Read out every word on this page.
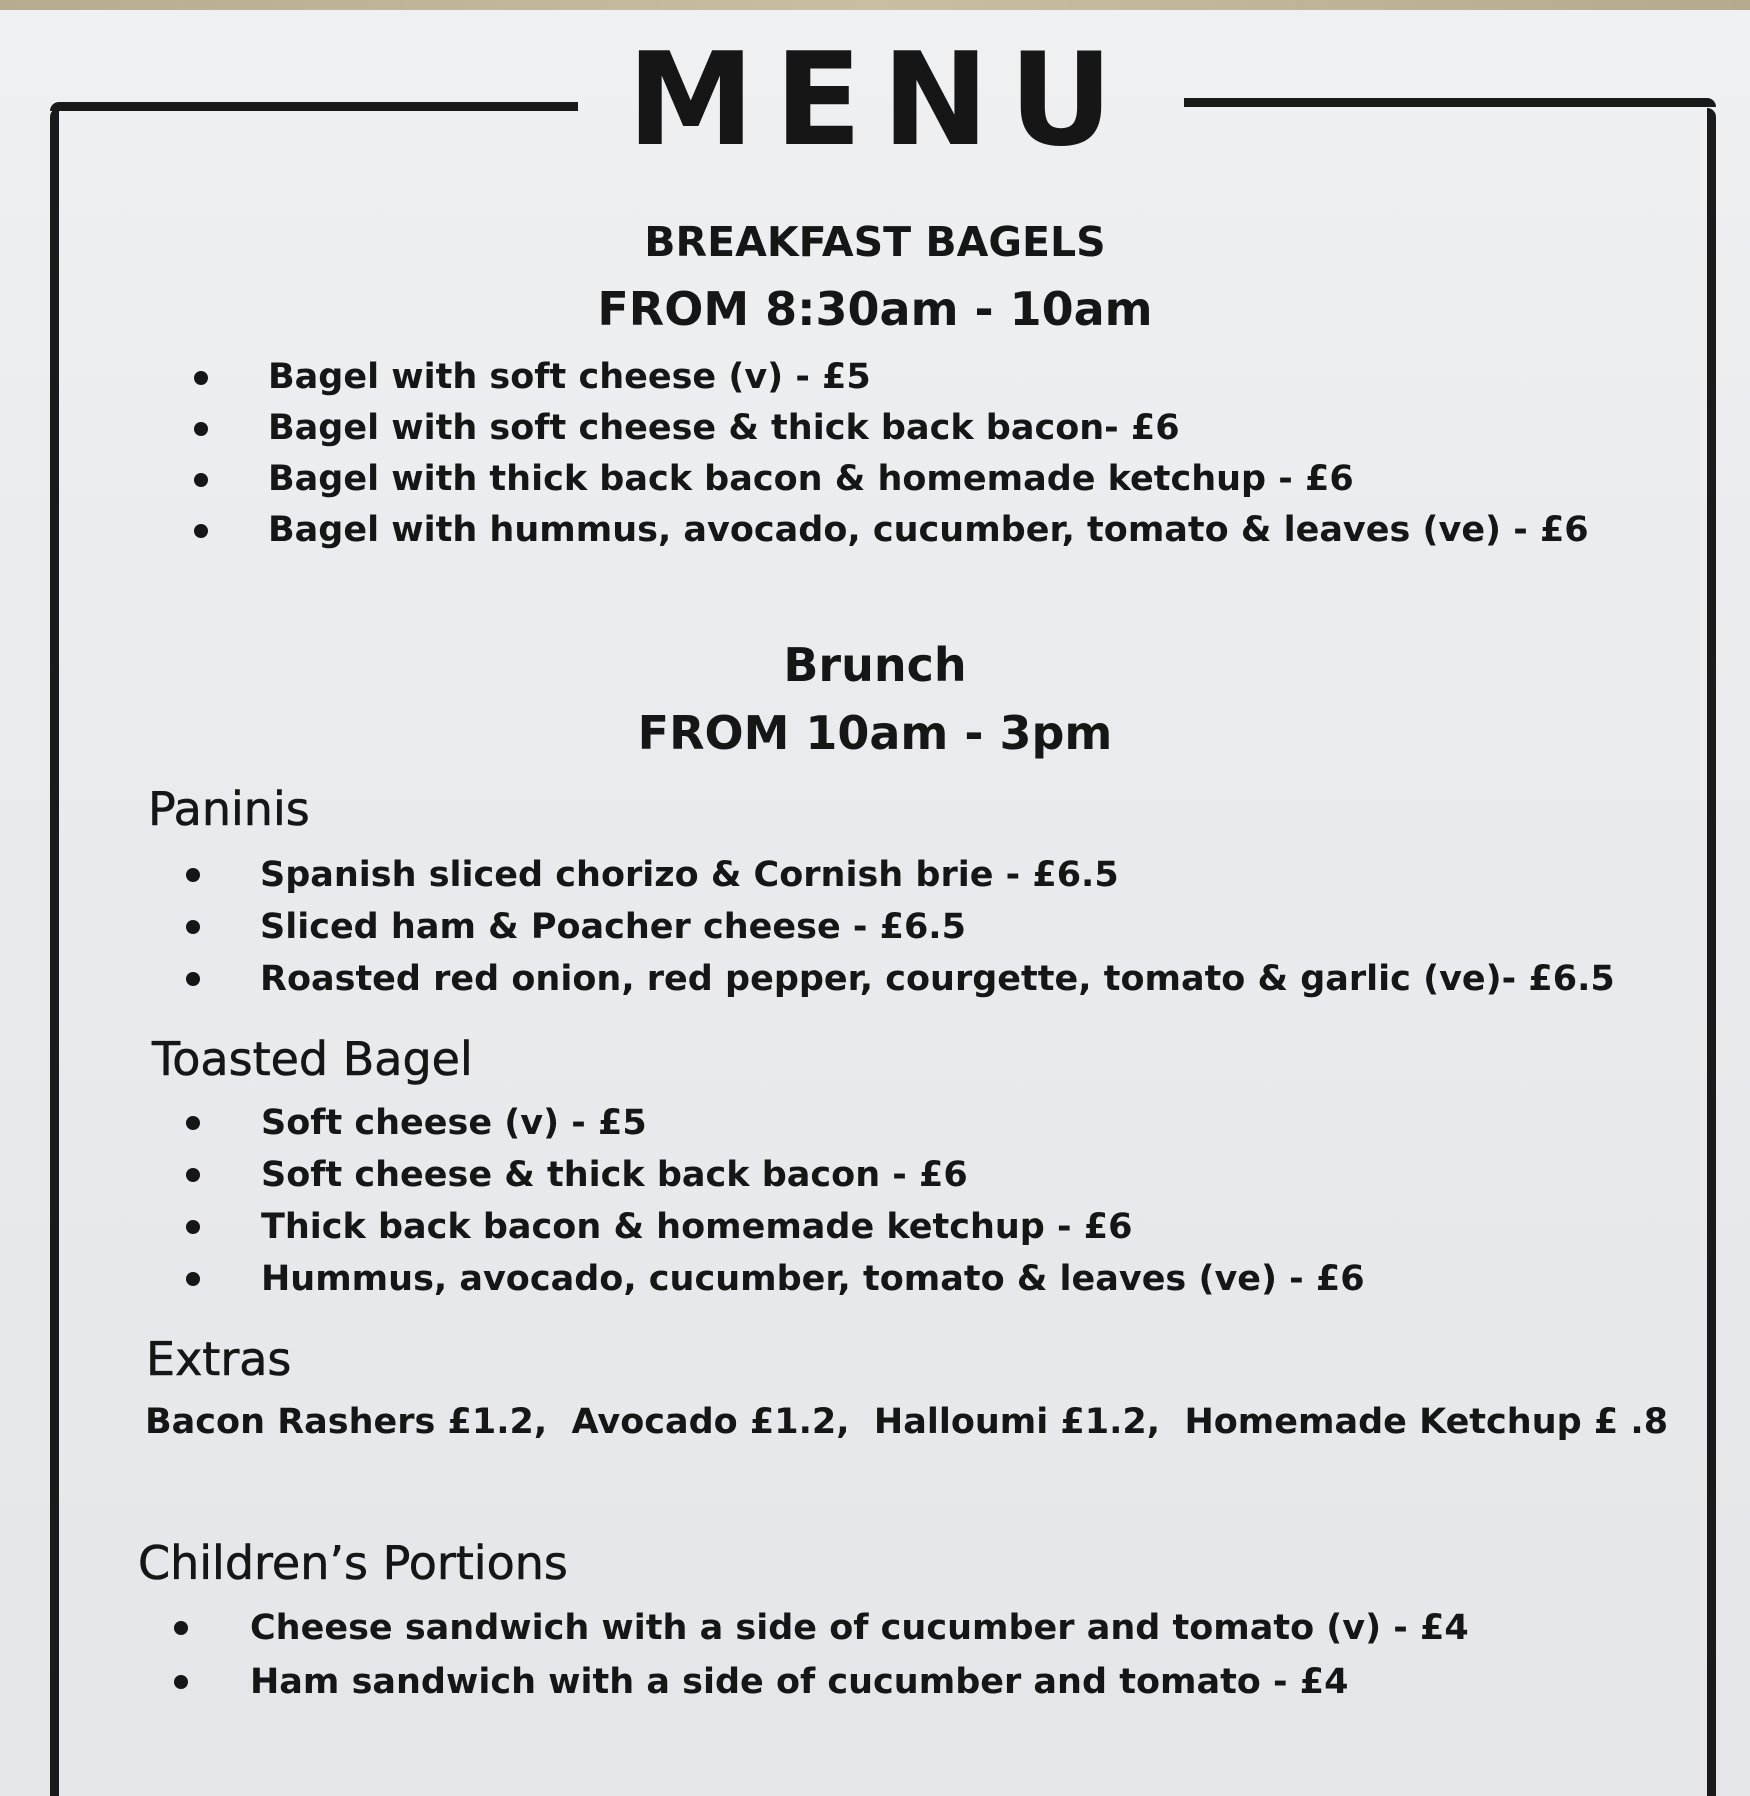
MENU
BREAKFAST BAGELS
FROM 8:30am - 10am
Bagel with soft cheese (v) - £5
Bagel with soft cheese & thick back bacon- £6
Bagel with thick back bacon & homemade ketchup - £6
Bagel with hummus, avocado, cucumber, tomato & leaves (ve) - £6
Brunch
FROM 10am - 3pm
Paninis
Spanish sliced chorizo & Cornish brie - £6.5
Sliced ham & Poacher cheese - £6.5
Roasted red onion, red pepper, courgette, tomato & garlic (ve)- £6.5
Toasted Bagel
Soft cheese (v) - £5
Soft cheese & thick back bacon - £6
Thick back bacon & homemade ketchup - £6
Hummus, avocado, cucumber, tomato & leaves (ve) - £6
Extras
Bacon Rashers £1.2,  Avocado £1.2,  Halloumi £1.2,  Homemade Ketchup £ .8
Children’s Portions
Cheese sandwich with a side of cucumber and tomato (v) - £4
Ham sandwich with a side of cucumber and tomato - £4
